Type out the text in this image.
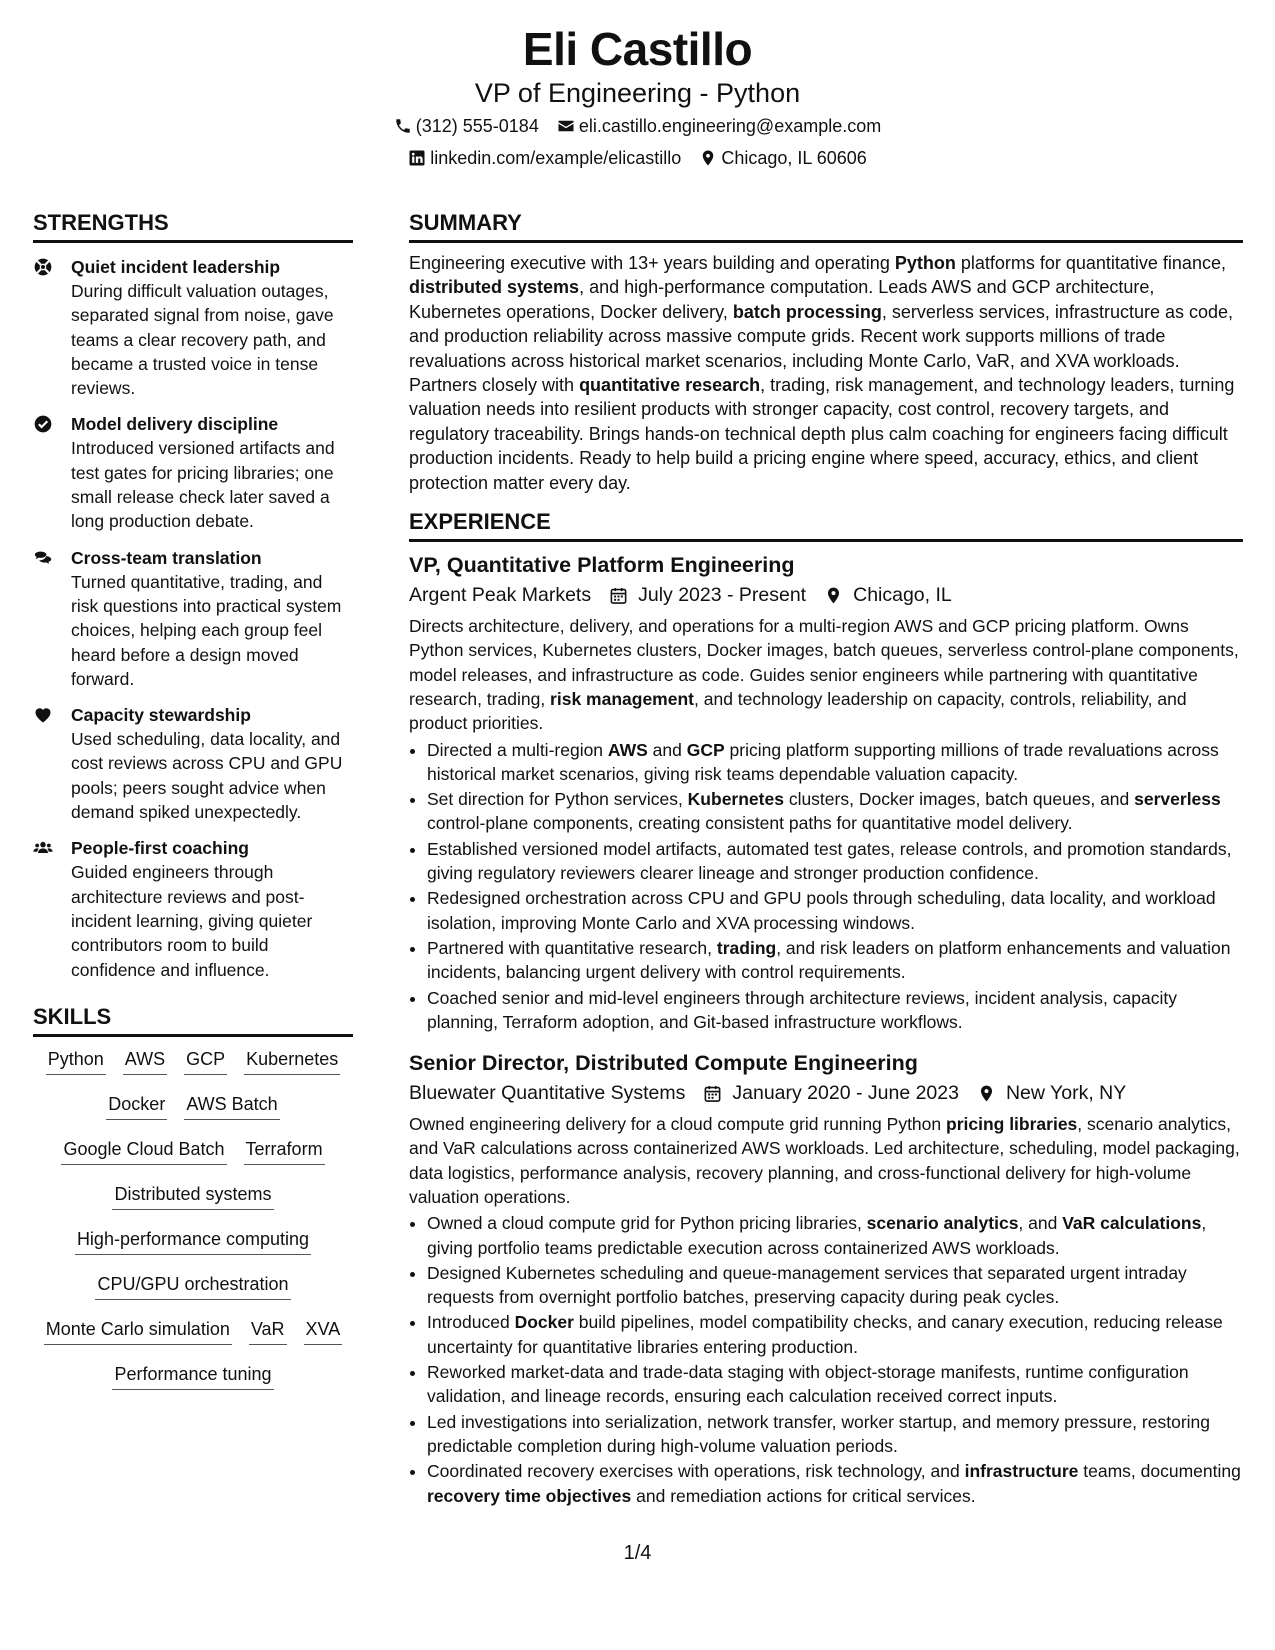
Eli Castillo
VP of Engineering - Python
(312) 555-0184 eli.castillo.engineering@example.com
linkedin.com/example/elicastillo Chicago, IL 60606
STRENGTHS
Quiet incident leadership
During difficult valuation outages, separated signal from noise, gave teams a clear recovery path, and became a trusted voice in tense reviews.
Model delivery discipline
Introduced versioned artifacts and test gates for pricing libraries; one small release check later saved a long production debate.
Cross-team translation
Turned quantitative, trading, and risk questions into practical system choices, helping each group feel heard before a design moved forward.
Capacity stewardship
Used scheduling, data locality, and cost reviews across CPU and GPU pools; peers sought advice when demand spiked unexpectedly.
People-first coaching
Guided engineers through architecture reviews and post-incident learning, giving quieter contributors room to build confidence and influence.
SKILLS
Python AWS GCP Kubernetes
Docker AWS Batch
Google Cloud Batch Terraform
Distributed systems
High-performance computing
CPU/GPU orchestration
Monte Carlo simulation VaR XVA
Performance tuning
SUMMARY
Engineering executive with 13+ years building and operating Python platforms for quantitative finance, distributed systems, and high-performance computation. Leads AWS and GCP architecture, Kubernetes operations, Docker delivery, batch processing, serverless services, infrastructure as code, and production reliability across massive compute grids. Recent work supports millions of trade revaluations across historical market scenarios, including Monte Carlo, VaR, and XVA workloads. Partners closely with quantitative research, trading, risk management, and technology leaders, turning valuation needs into resilient products with stronger capacity, cost control, recovery targets, and regulatory traceability. Brings hands-on technical depth plus calm coaching for engineers facing difficult production incidents. Ready to help build a pricing engine where speed, accuracy, ethics, and client protection matter every day.
EXPERIENCE
VP, Quantitative Platform Engineering
Argent Peak Markets July 2023 - Present Chicago, IL
Directs architecture, delivery, and operations for a multi-region AWS and GCP pricing platform. Owns Python services, Kubernetes clusters, Docker images, batch queues, serverless control-plane components, model releases, and infrastructure as code. Guides senior engineers while partnering with quantitative research, trading, risk management, and technology leadership on capacity, controls, reliability, and product priorities.
• Directed a multi-region AWS and GCP pricing platform supporting millions of trade revaluations across historical market scenarios, giving risk teams dependable valuation capacity.
• Set direction for Python services, Kubernetes clusters, Docker images, batch queues, and serverless control-plane components, creating consistent paths for quantitative model delivery.
• Established versioned model artifacts, automated test gates, release controls, and promotion standards, giving regulatory reviewers clearer lineage and stronger production confidence.
• Redesigned orchestration across CPU and GPU pools through scheduling, data locality, and workload isolation, improving Monte Carlo and XVA processing windows.
• Partnered with quantitative research, trading, and risk leaders on platform enhancements and valuation incidents, balancing urgent delivery with control requirements.
• Coached senior and mid-level engineers through architecture reviews, incident analysis, capacity planning, Terraform adoption, and Git-based infrastructure workflows.
Senior Director, Distributed Compute Engineering
Bluewater Quantitative Systems January 2020 - June 2023 New York, NY
Owned engineering delivery for a cloud compute grid running Python pricing libraries, scenario analytics, and VaR calculations across containerized AWS workloads. Led architecture, scheduling, model packaging, data logistics, performance analysis, recovery planning, and cross-functional delivery for high-volume valuation operations.
• Owned a cloud compute grid for Python pricing libraries, scenario analytics, and VaR calculations, giving portfolio teams predictable execution across containerized AWS workloads.
• Designed Kubernetes scheduling and queue-management services that separated urgent intraday requests from overnight portfolio batches, preserving capacity during peak cycles.
• Introduced Docker build pipelines, model compatibility checks, and canary execution, reducing release uncertainty for quantitative libraries entering production.
• Reworked market-data and trade-data staging with object-storage manifests, runtime configuration validation, and lineage records, ensuring each calculation received correct inputs.
• Led investigations into serialization, network transfer, worker startup, and memory pressure, restoring predictable completion during high-volume valuation periods.
• Coordinated recovery exercises with operations, risk technology, and infrastructure teams, documenting recovery time objectives and remediation actions for critical services.
1/4
